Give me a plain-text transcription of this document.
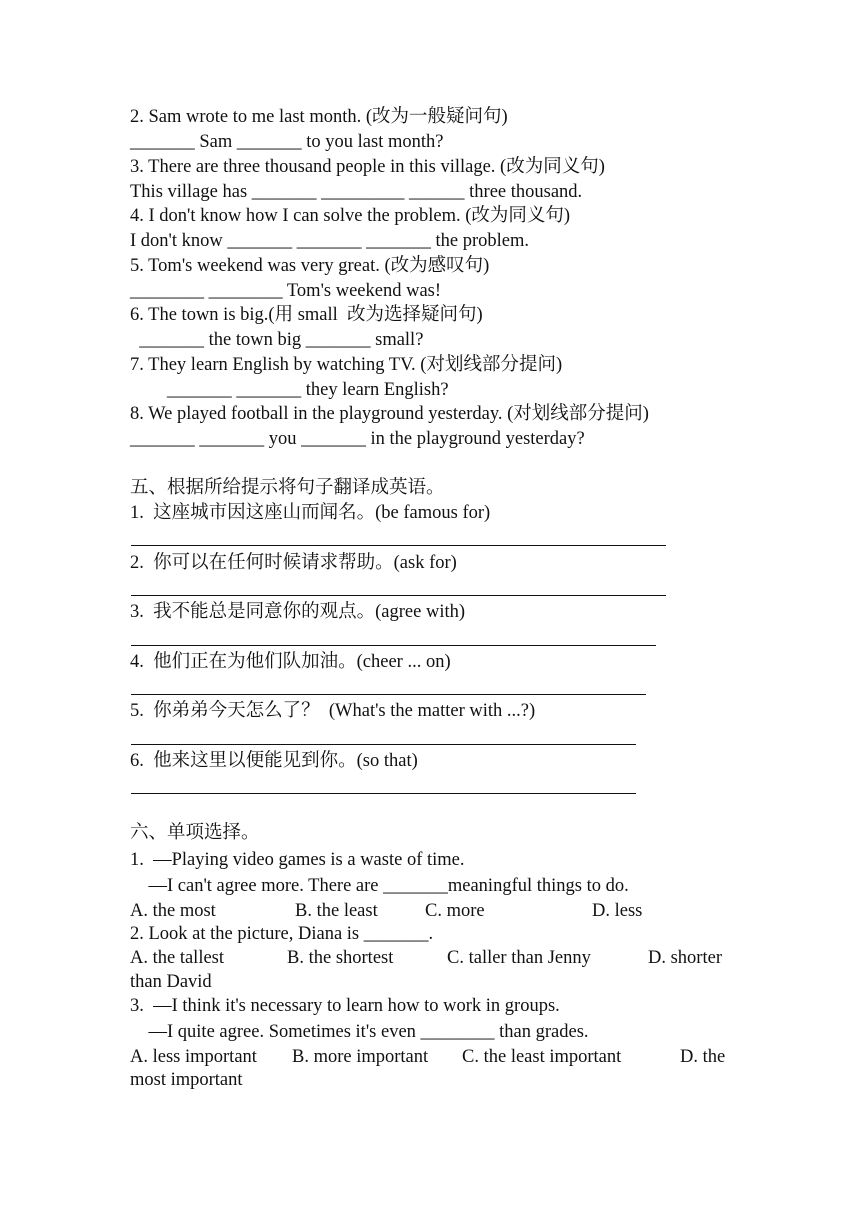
2. Sam wrote to me last month. (改为一般疑问句)
_______ Sam _______ to you last month?
3. There are three thousand people in this village. (改为同义句)
This village has _______ _________ ______ three thousand.
4. I don't know how I can solve the problem. (改为同义句)
I don't know _______ _______ _______ the problem.
5. Tom's weekend was very great. (改为感叹句)
________ ________ Tom's weekend was!
6. The town is big.(用 small  改为选择疑问句)
_______ the town big _______ small?
7. They learn English by watching TV. (对划线部分提问)
_______ _______ they learn English?
8. We played football in the playground yesterday. (对划线部分提问)
_______ _______ you _______ in the playground yesterday?
五、根据所给提示将句子翻译成英语。
1.  这座城市因这座山而闻名。(be famous for)
2.  你可以在任何时候请求帮助。(ask for)
3.  我不能总是同意你的观点。(agree with)
4.  他们正在为他们队加油。(cheer ... on)
5.  你弟弟今天怎么了？  (What's the matter with ...?)
6.  他来这里以便能见到你。(so that)
六、单项选择。
1.  —Playing video games is a waste of time.
—I can't agree more. There are _______meaningful things to do.
A. the most	B. the least	C. more	D. less
2. Look at the picture, Diana is _______.
A. the tallest	B. the shortest	C. taller than Jenny	D. shorter
than David
3.  —I think it's necessary to learn how to work in groups.
—I quite agree. Sometimes it's even ________ than grades.
A. less important B. more important C. the least important	D. the
most important
